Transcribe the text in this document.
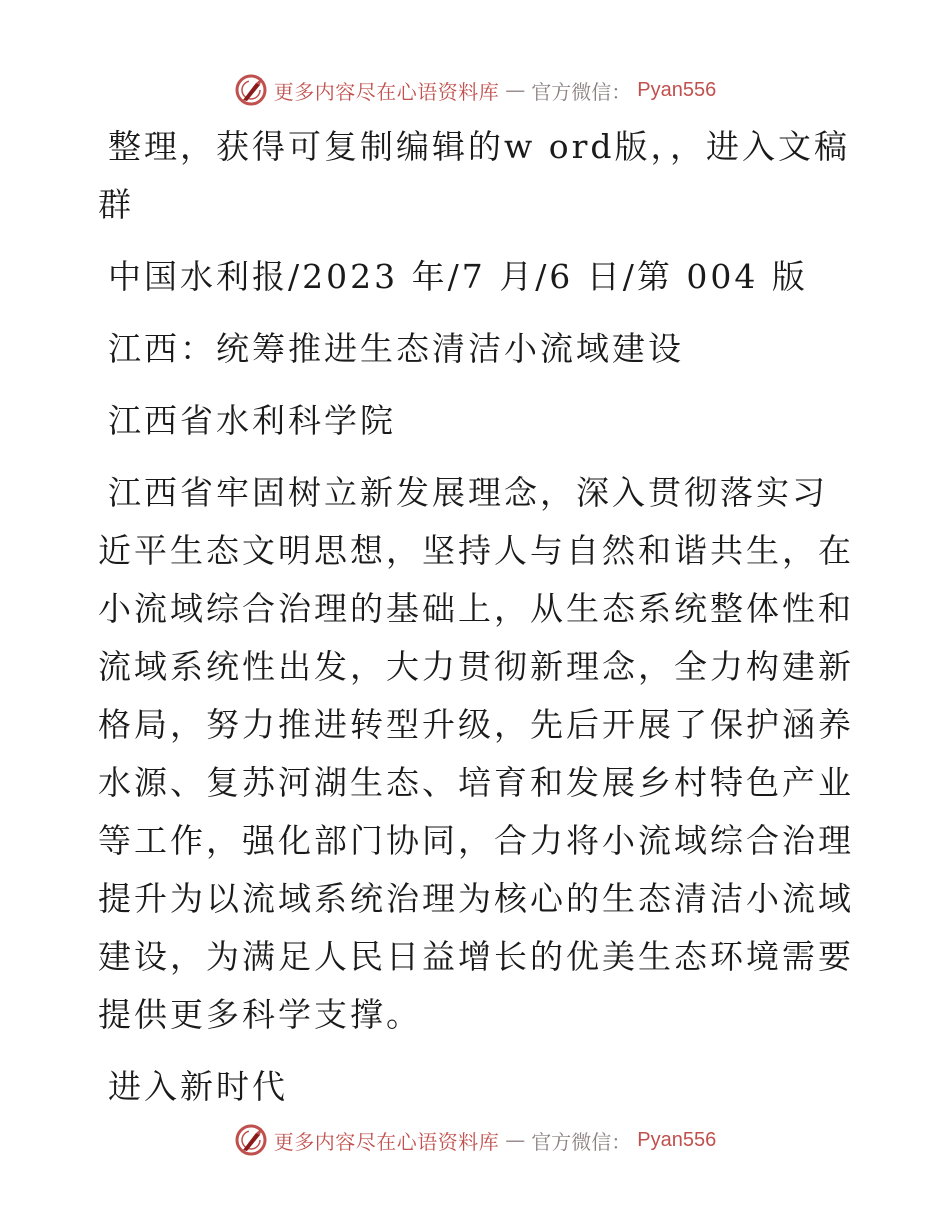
更多内容尽在心语资料库 — 官方微信： Pyan556

整理，获得可复制编辑的w ord版，，进入文稿群

中国水利报/2023 年/7 月/6 日/第 004 版

江西：统筹推进生态清洁小流域建设

江西省水利科学院

江西省牢固树立新发展理念，深入贯彻落实习近平生态文明思想，坚持人与自然和谐共生，在小流域综合治理的基础上，从生态系统整体性和流域系统性出发，大力贯彻新理念，全力构建新格局，努力推进转型升级，先后开展了保护涵养水源、复苏河湖生态、培育和发展乡村特色产业等工作，强化部门协同，合力将小流域综合治理提升为以流域系统治理为核心的生态清洁小流域建设，为满足人民日益增长的优美生态环境需要提供更多科学支撑。

进入新时代

更多内容尽在心语资料库 — 官方微信： Pyan556
